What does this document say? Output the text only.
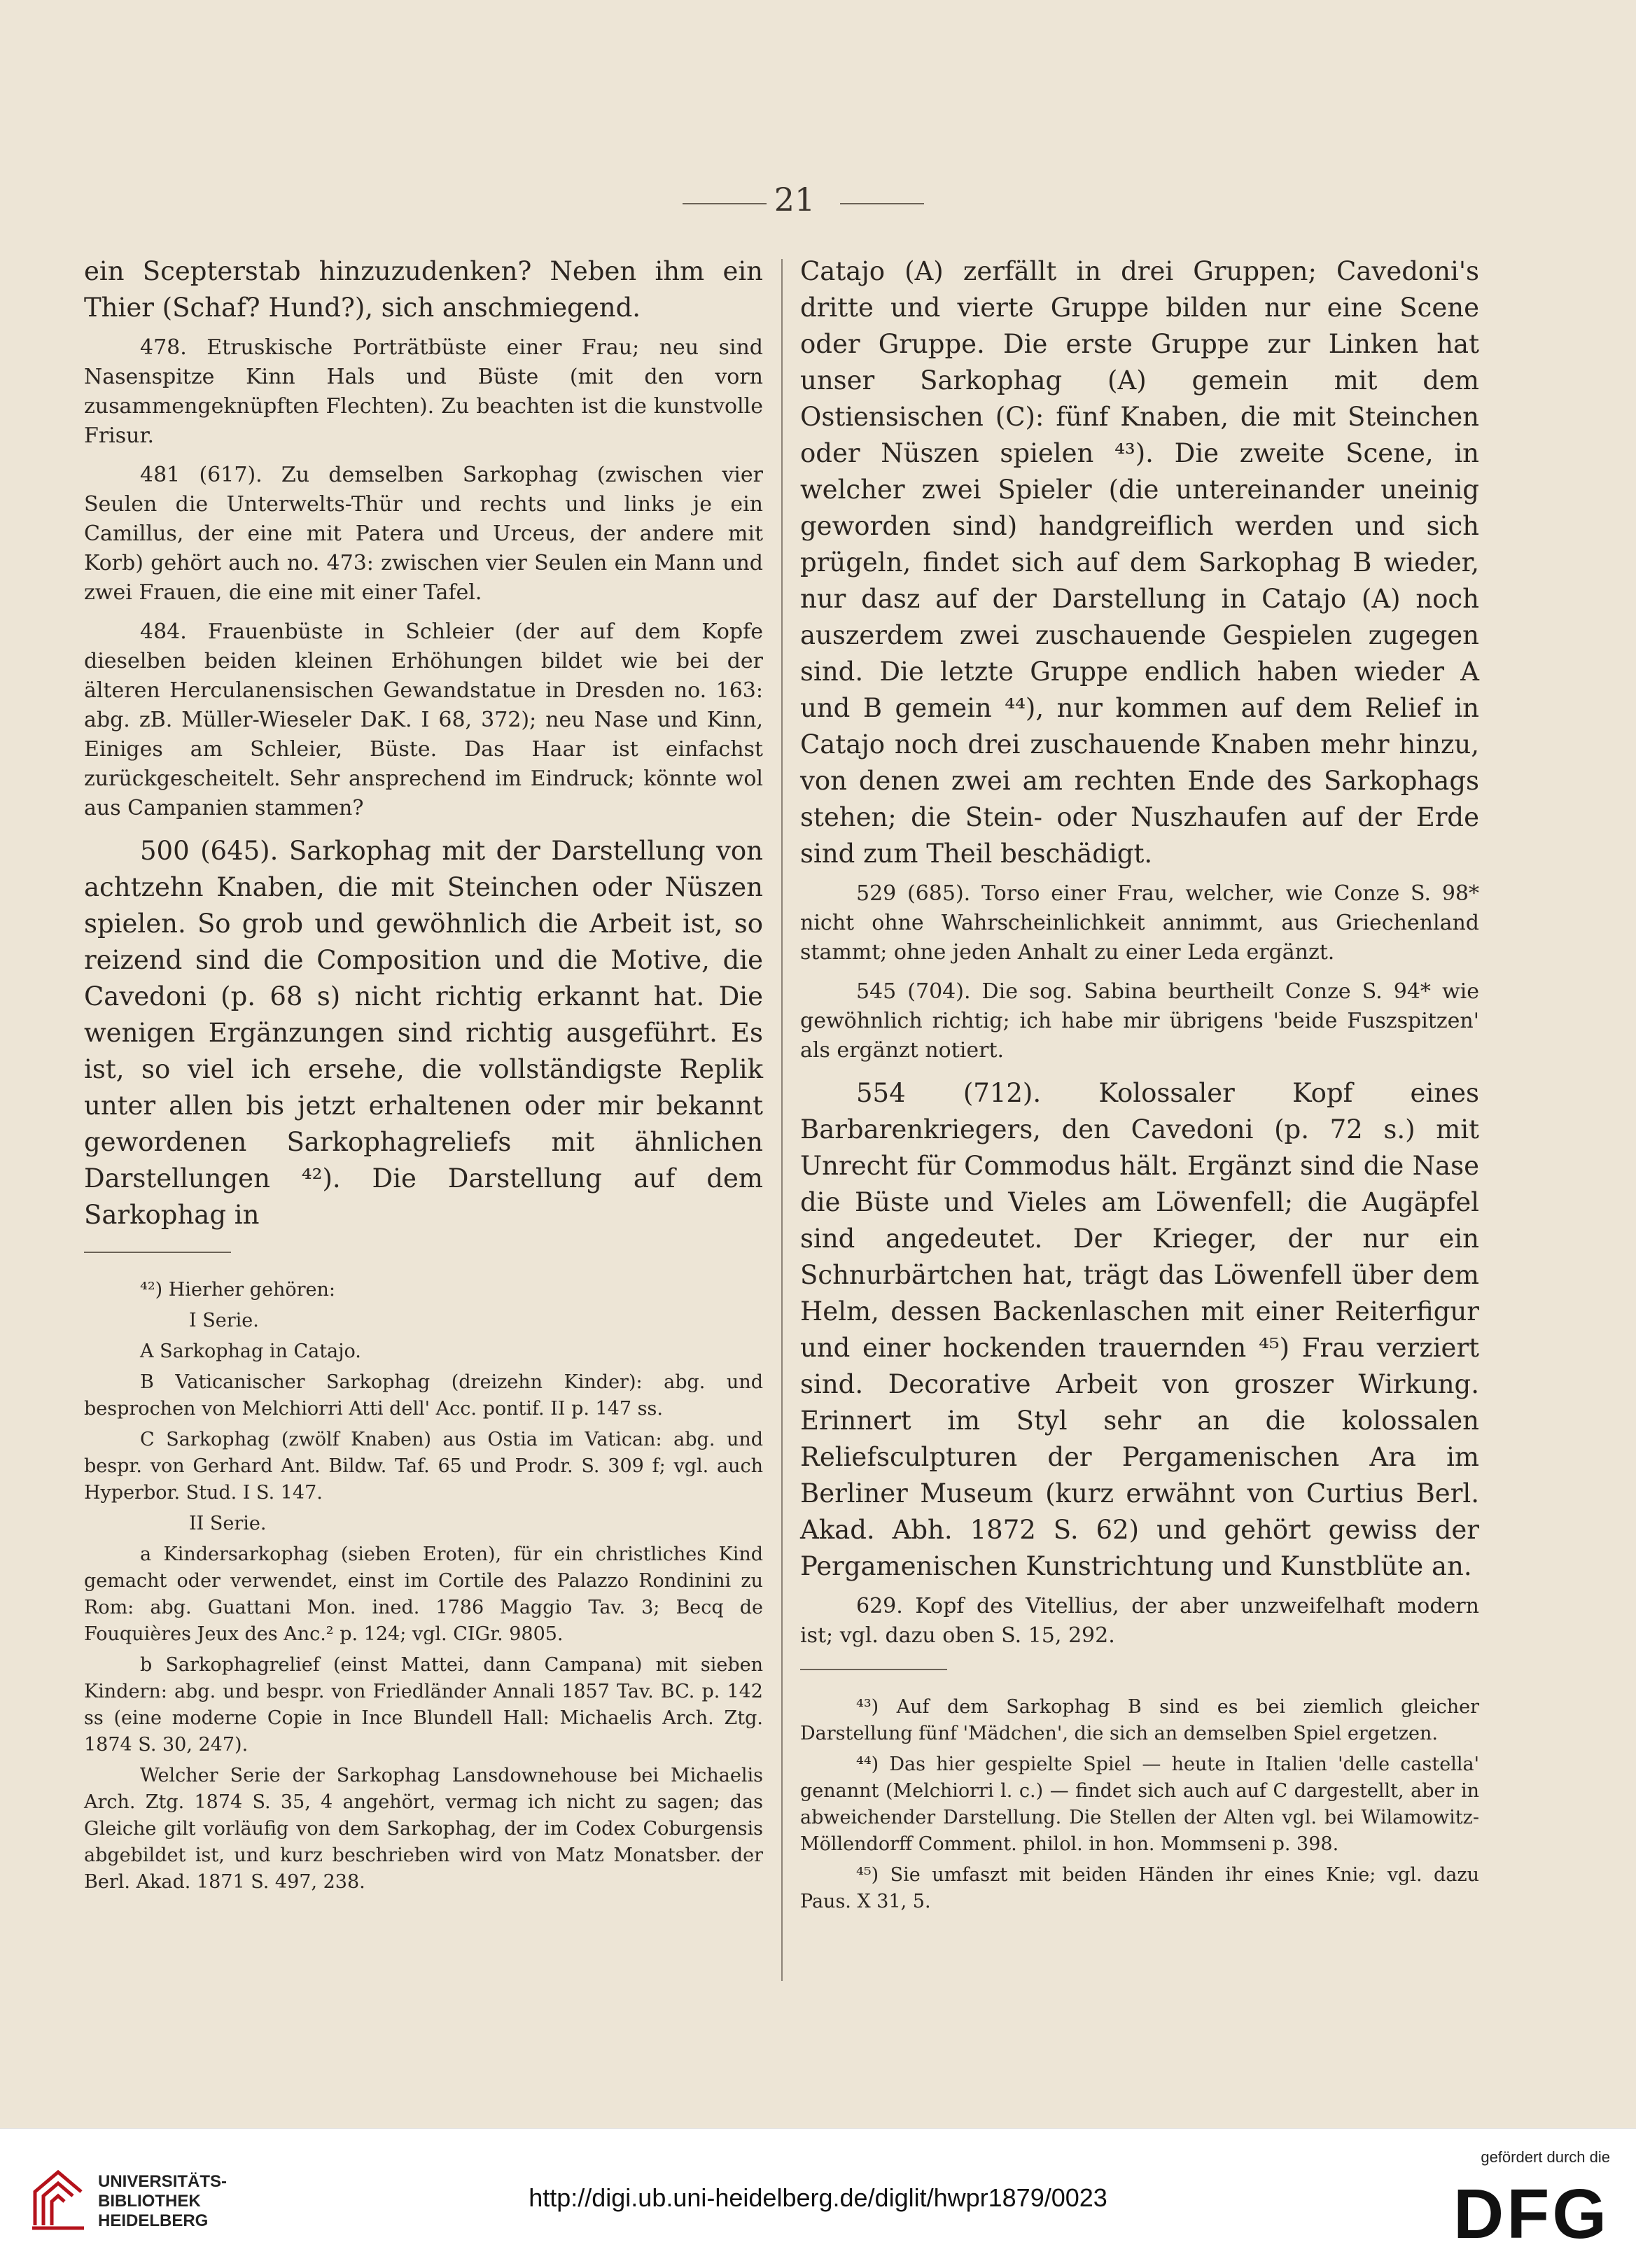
21

ein Scepterstab hinzuzudenken? Neben ihm ein Thier (Schaf? Hund?), sich anschmiegend.

478. Etruskische Porträtbüste einer Frau; neu sind Nasenspitze Kinn Hals und Büste (mit den vorn zusammengeknüpften Flechten). Zu beachten ist die kunstvolle Frisur.

481 (617). Zu demselben Sarkophag (zwischen vier Seulen die Unterwelts-Thür und rechts und links je ein Camillus, der eine mit Patera und Urceus, der andere mit Korb) gehört auch no. 473: zwischen vier Seulen ein Mann und zwei Frauen, die eine mit einer Tafel.

484. Frauenbüste in Schleier (der auf dem Kopfe dieselben beiden kleinen Erhöhungen bildet wie bei der älteren Herculanensischen Gewandstatue in Dresden no. 163: abg. zB. Müller-Wieseler DaK. I 68, 372); neu Nase und Kinn, Einiges am Schleier, Büste. Das Haar ist einfachst zurückgescheitelt. Sehr ansprechend im Eindruck; könnte wol aus Campanien stammen?

500 (645). Sarkophag mit der Darstellung von achtzehn Knaben, die mit Steinchen oder Nüszen spielen. So grob und gewöhnlich die Arbeit ist, so reizend sind die Composition und die Motive, die Cavedoni (p. 68 s) nicht richtig erkannt hat. Die wenigen Ergänzungen sind richtig ausgeführt. Es ist, so viel ich ersehe, die vollständigste Replik unter allen bis jetzt erhaltenen oder mir bekannt gewordenen Sarkophagreliefs mit ähnlichen Darstellungen ⁴²). Die Darstellung auf dem Sarkophag in

⁴²) Hierher gehören:

I Serie.

A Sarkophag in Catajo.

B Vaticanischer Sarkophag (dreizehn Kinder): abg. und besprochen von Melchiorri Atti dell' Acc. pontif. II p. 147 ss.

C Sarkophag (zwölf Knaben) aus Ostia im Vatican: abg. und bespr. von Gerhard Ant. Bildw. Taf. 65 und Prodr. S. 309 f; vgl. auch Hyperbor. Stud. I S. 147.

II Serie.

a Kindersarkophag (sieben Eroten), für ein christliches Kind gemacht oder verwendet, einst im Cortile des Palazzo Rondinini zu Rom: abg. Guattani Mon. ined. 1786 Maggio Tav. 3; Becq de Fouquières Jeux des Anc.² p. 124; vgl. CIGr. 9805.

b Sarkophagrelief (einst Mattei, dann Campana) mit sieben Kindern: abg. und bespr. von Friedländer Annali 1857 Tav. BC. p. 142 ss (eine moderne Copie in Ince Blundell Hall: Michaelis Arch. Ztg. 1874 S. 30, 247).

Welcher Serie der Sarkophag Lansdownehouse bei Michaelis Arch. Ztg. 1874 S. 35, 4 angehört, vermag ich nicht zu sagen; das Gleiche gilt vorläufig von dem Sarkophag, der im Codex Coburgensis abgebildet ist, und kurz beschrieben wird von Matz Monatsber. der Berl. Akad. 1871 S. 497, 238.

Catajo (A) zerfällt in drei Gruppen; Cavedoni's dritte und vierte Gruppe bilden nur eine Scene oder Gruppe. Die erste Gruppe zur Linken hat unser Sarkophag (A) gemein mit dem Ostiensischen (C): fünf Knaben, die mit Steinchen oder Nüszen spielen ⁴³). Die zweite Scene, in welcher zwei Spieler (die untereinander uneinig geworden sind) handgreiflich werden und sich prügeln, findet sich auf dem Sarkophag B wieder, nur dasz auf der Darstellung in Catajo (A) noch auszerdem zwei zuschauende Gespielen zugegen sind. Die letzte Gruppe endlich haben wieder A und B gemein ⁴⁴), nur kommen auf dem Relief in Catajo noch drei zuschauende Knaben mehr hinzu, von denen zwei am rechten Ende des Sarkophags stehen; die Stein- oder Nuszhaufen auf der Erde sind zum Theil beschädigt.

529 (685). Torso einer Frau, welcher, wie Conze S. 98* nicht ohne Wahrscheinlichkeit annimmt, aus Griechenland stammt; ohne jeden Anhalt zu einer Leda ergänzt.

545 (704). Die sog. Sabina beurtheilt Conze S. 94* wie gewöhnlich richtig; ich habe mir übrigens 'beide Fuszspitzen' als ergänzt notiert.

554 (712). Kolossaler Kopf eines Barbarenkriegers, den Cavedoni (p. 72 s.) mit Unrecht für Commodus hält. Ergänzt sind die Nase die Büste und Vieles am Löwenfell; die Augäpfel sind angedeutet. Der Krieger, der nur ein Schnurbärtchen hat, trägt das Löwenfell über dem Helm, dessen Backenlaschen mit einer Reiterfigur und einer hockenden trauernden ⁴⁵) Frau verziert sind. Decorative Arbeit von groszer Wirkung. Erinnert im Styl sehr an die kolossalen Reliefsculpturen der Pergamenischen Ara im Berliner Museum (kurz erwähnt von Curtius Berl. Akad. Abh. 1872 S. 62) und gehört gewiss der Pergamenischen Kunstrichtung und Kunstblüte an.

629. Kopf des Vitellius, der aber unzweifelhaft modern ist; vgl. dazu oben S. 15, 292.

⁴³) Auf dem Sarkophag B sind es bei ziemlich gleicher Darstellung fünf 'Mädchen', die sich an demselben Spiel ergetzen.

⁴⁴) Das hier gespielte Spiel — heute in Italien 'delle castella' genannt (Melchiorri l. c.) — findet sich auch auf C dargestellt, aber in abweichender Darstellung. Die Stellen der Alten vgl. bei Wilamowitz-Möllendorff Comment. philol. in hon. Mommseni p. 398.

⁴⁵) Sie umfaszt mit beiden Händen ihr eines Knie; vgl. dazu Paus. X 31, 5.

UNIVERSITÄTS-
BIBLIOTHEK
HEIDELBERG
http://digi.ub.uni-heidelberg.de/diglit/hwpr1879/0023
gefördert durch die
DFG
